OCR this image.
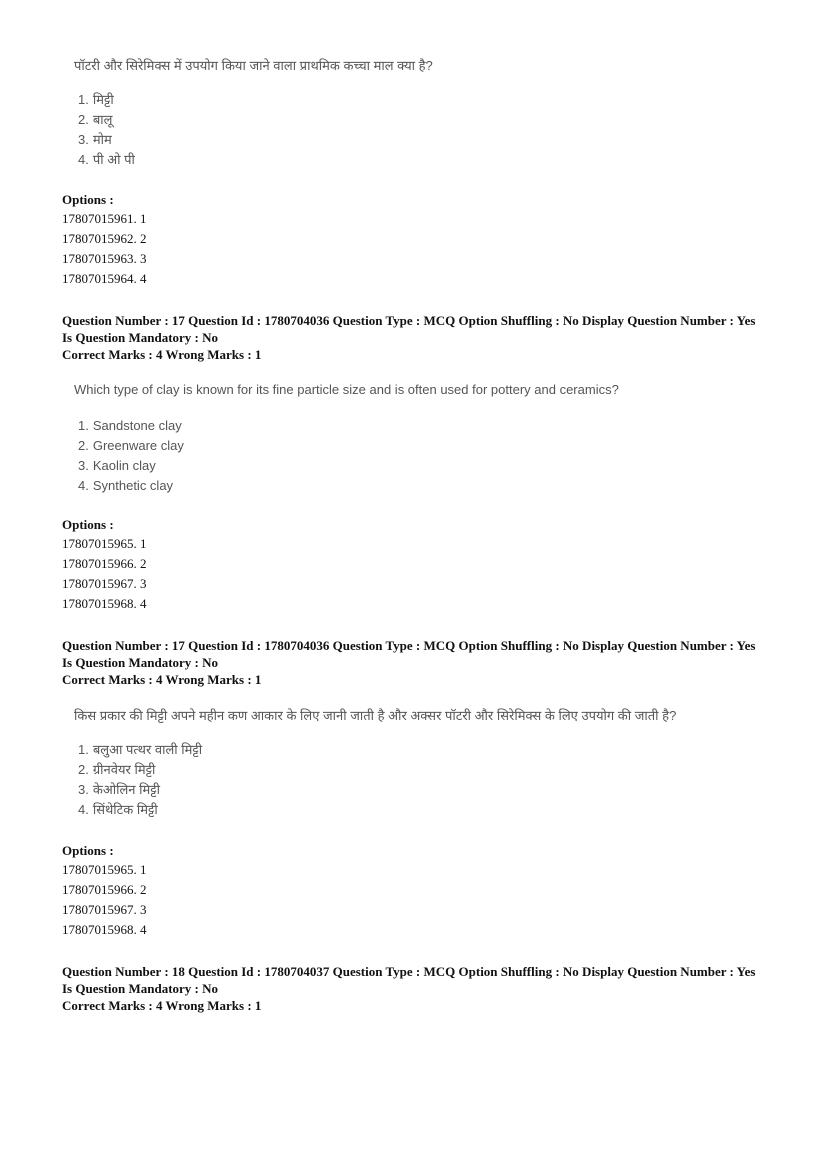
पॉटरी और सिरेमिक्स में उपयोग किया जाने वाला प्राथमिक कच्चा माल क्या है?
1. मिट्टी
2. बालू
3. मोम
4. पी ओ पी
Options :
17807015961. 1
17807015962. 2
17807015963. 3
17807015964. 4
Question Number : 17 Question Id : 1780704036 Question Type : MCQ Option Shuffling : No Display Question Number : Yes
Is Question Mandatory : No
Correct Marks : 4 Wrong Marks : 1
Which type of clay is known for its fine particle size and is often used for pottery and ceramics?
1. Sandstone clay
2. Greenware clay
3. Kaolin clay
4. Synthetic clay
Options :
17807015965. 1
17807015966. 2
17807015967. 3
17807015968. 4
Question Number : 17 Question Id : 1780704036 Question Type : MCQ Option Shuffling : No Display Question Number : Yes
Is Question Mandatory : No
Correct Marks : 4 Wrong Marks : 1
किस प्रकार की मिट्टी अपने महीन कण आकार के लिए जानी जाती है और अक्सर पॉटरी और सिरेमिक्स के लिए उपयोग की जाती है?
1. बलुआ पत्थर वाली मिट्टी
2. ग्रीनवेयर मिट्टी
3. केओलिन मिट्टी
4. सिंथेटिक मिट्टी
Options :
17807015965. 1
17807015966. 2
17807015967. 3
17807015968. 4
Question Number : 18 Question Id : 1780704037 Question Type : MCQ Option Shuffling : No Display Question Number : Yes
Is Question Mandatory : No
Correct Marks : 4 Wrong Marks : 1
